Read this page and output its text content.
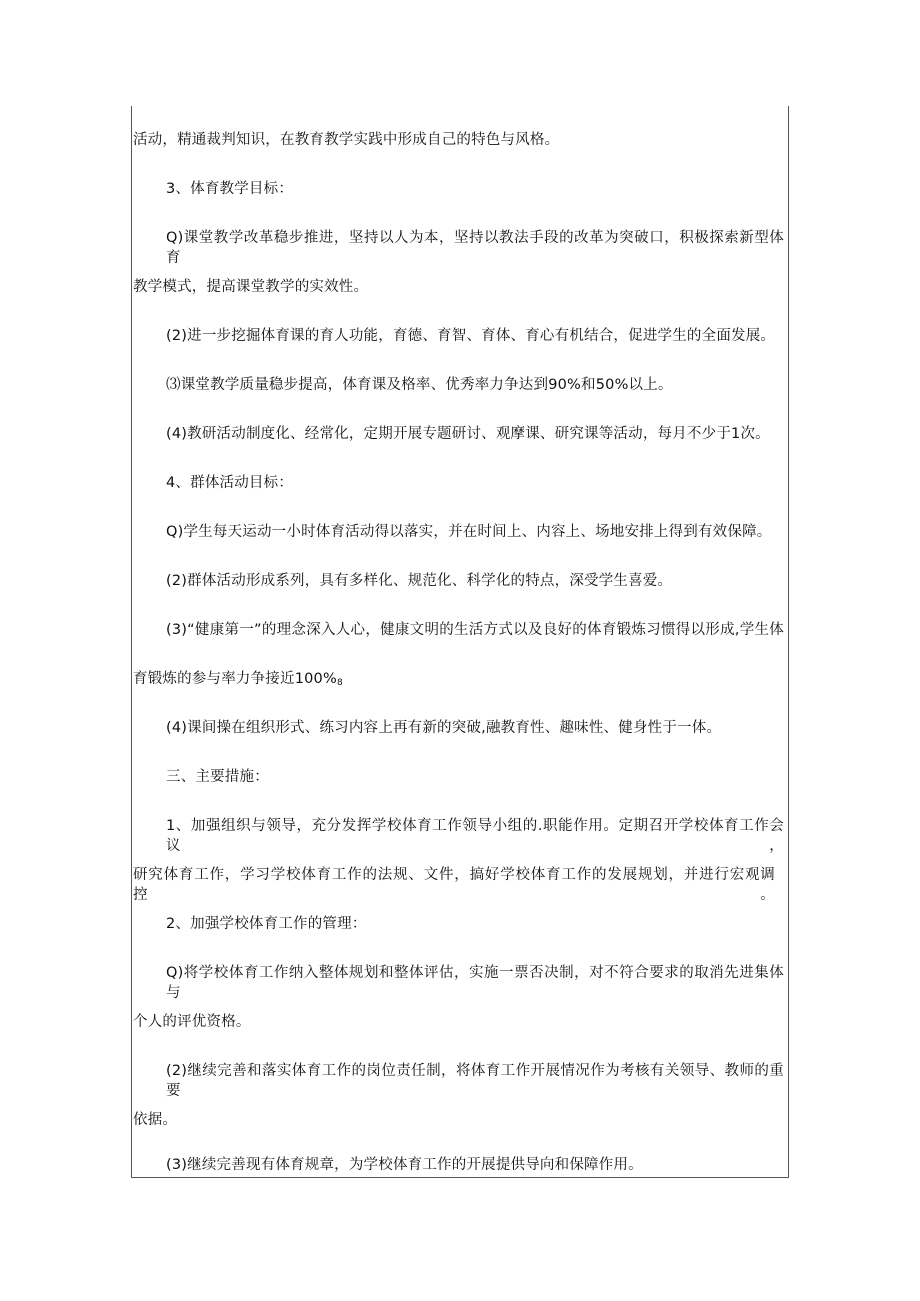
活动，精通裁判知识，在教育教学实践中形成自己的特色与风格。
3、体育教学目标：
Q)课堂教学改革稳步推进，坚持以人为本，坚持以教法手段的改革为突破口，积极探索新型体育
教学模式，提高课堂教学的实效性。
(2)进一步挖掘体育课的育人功能，育德、育智、育体、育心有机结合，促进学生的全面发展。
⑶课堂教学质量稳步提高，体育课及格率、优秀率力争达到90%和50%以上。
(4)教研活动制度化、经常化，定期开展专题研讨、观摩课、研究课等活动，每月不少于1次。
4、群体活动目标：
Q)学生每天运动一小时体育活动得以落实，并在时间上、内容上、场地安排上得到有效保障。
(2)群体活动形成系列，具有多样化、规范化、科学化的特点，深受学生喜爱。
(3)“健康第一”的理念深入人心，健康文明的生活方式以及良好的体育锻炼习惯得以形成,学生体
育锻炼的参与率力争接近$100\%_8$
(4)课间操在组织形式、练习内容上再有新的突破,融教育性、趣味性、健身性于一体。
三、主要措施：
1、加强组织与领导，充分发挥学校体育工作领导小组的.职能作用。定期召开学校体育工作会议，
研究体育工作，学习学校体育工作的法规、文件，搞好学校体育工作的发展规划，并进行宏观调控。
2、加强学校体育工作的管理：
Q)将学校体育工作纳入整体规划和整体评估，实施一票否决制，对不符合要求的取消先进集体与
个人的评优资格。
(2)继续完善和落实体育工作的岗位责任制，将体育工作开展情况作为考核有关领导、教师的重要
依据。
(3)继续完善现有体育规章，为学校体育工作的开展提供导向和保障作用。
